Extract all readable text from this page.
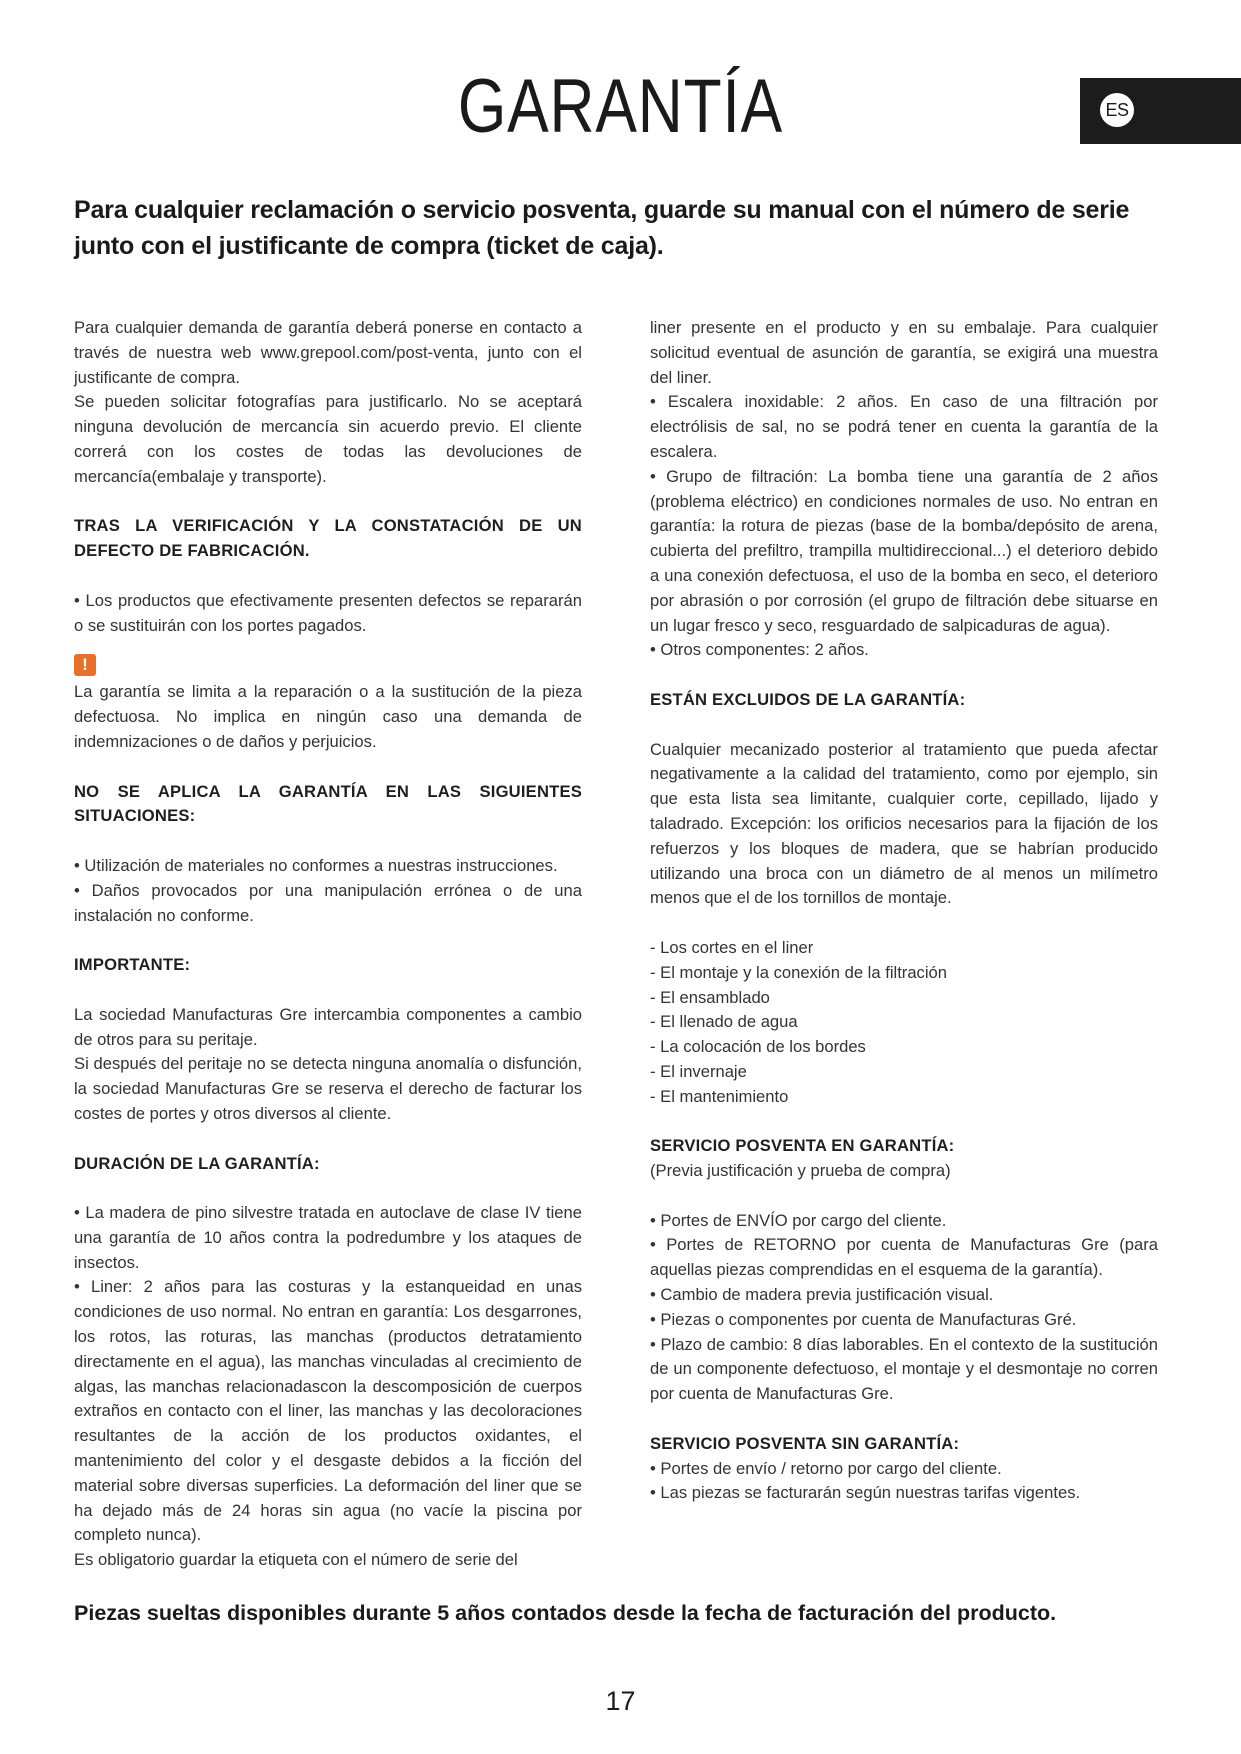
GARANTÍA	ES
Para cualquier reclamación o servicio posventa, guarde su manual con el número de serie junto con el justificante de compra (ticket de caja).

Para cualquier demanda de garantía deberá ponerse en contacto a través de nuestra web www.grepool.com/post-venta, junto con el justificante de compra.

Se pueden solicitar fotografías para justificarlo. No se aceptará ninguna devolución de mercancía sin acuerdo previo. El cliente correrá con los costes de todas las devoluciones de mercancía(embalaje y transporte).

TRAS LA VERIFICACIÓN Y LA CONSTATACIÓN DE UN DEFECTO DE FABRICACIÓN.

• Los productos que efectivamente presenten defectos se repararán o se sustituirán con los portes pagados.

!

La garantía se limita a la reparación o a la sustitución de la pieza defectuosa. No implica en ningún caso una demanda de indemnizaciones o de daños y perjuicios.

NO SE APLICA LA GARANTÍA EN LAS SIGUIENTES SITUACIONES:

• Utilización de materiales no conformes a nuestras instrucciones.

• Daños provocados por una manipulación errónea o de una instalación no conforme.

IMPORTANTE:

La sociedad Manufacturas Gre intercambia componentes a cambio de otros para su peritaje.

Si después del peritaje no se detecta ninguna anomalía o disfunción, la sociedad Manufacturas Gre se reserva el derecho de facturar los costes de portes y otros diversos al cliente.

DURACIÓN DE LA GARANTÍA:

• La madera de pino silvestre tratada en autoclave de clase IV tiene una garantía de 10 años contra la podredumbre y los ataques de insectos.

• Liner: 2 años para las costuras y la estanqueidad en unas condiciones de uso normal. No entran en garantía: Los desgarrones, los rotos, las roturas, las manchas (productos detratamiento directamente en el agua), las manchas vinculadas al crecimiento de algas, las manchas relacionadascon la descomposición de cuerpos extraños en contacto con el liner, las manchas y las decoloraciones resultantes de la acción de los productos oxidantes, el mantenimiento del color y el desgaste debidos a la ficción del material sobre diversas superficies. La deformación del liner que se ha dejado más de 24 horas sin agua (no vacíe la piscina por completo nunca).

Es obligatorio guardar la etiqueta con el número de serie del

liner presente en el producto y en su embalaje. Para cualquier solicitud eventual de asunción de garantía, se exigirá una muestra del liner.

• Escalera inoxidable: 2 años. En caso de una filtración por electrólisis de sal, no se podrá tener en cuenta la garantía de la escalera.

• Grupo de filtración: La bomba tiene una garantía de 2 años (problema eléctrico) en condiciones normales de uso. No entran en garantía: la rotura de piezas (base de la bomba/depósito de arena, cubierta del prefiltro, trampilla multidireccional...) el deterioro debido a una conexión defectuosa, el uso de la bomba en seco, el deterioro por abrasión o por corrosión (el grupo de filtración debe situarse en un lugar fresco y seco, resguardado de salpicaduras de agua).

• Otros componentes: 2 años.

ESTÁN EXCLUIDOS DE LA GARANTÍA:

Cualquier mecanizado posterior al tratamiento que pueda afectar negativamente a la calidad del tratamiento, como por ejemplo, sin que esta lista sea limitante, cualquier corte, cepillado, lijado y taladrado. Excepción: los orificios necesarios para la fijación de los refuerzos y los bloques de madera, que se habrían producido utilizando una broca con un diámetro de al menos un milímetro menos que el de los tornillos de montaje.

- Los cortes en el liner

- El montaje y la conexión de la filtración

- El ensamblado

- El llenado de agua

- La colocación de los bordes

- El invernaje

- El mantenimiento

SERVICIO POSVENTA EN GARANTÍA:

(Previa justificación y prueba de compra)

• Portes de ENVÍO por cargo del cliente.

• Portes de RETORNO por cuenta de Manufacturas Gre (para aquellas piezas comprendidas en el esquema de la garantía).

• Cambio de madera previa justificación visual.

• Piezas o componentes por cuenta de Manufacturas Gré.

• Plazo de cambio: 8 días laborables. En el contexto de la sustitución de un componente defectuoso, el montaje y el desmontaje no corren por cuenta de Manufacturas Gre.

SERVICIO POSVENTA SIN GARANTÍA:

• Portes de envío / retorno por cargo del cliente.

• Las piezas se facturarán según nuestras tarifas vigentes.

Piezas sueltas disponibles durante 5 años contados desde la fecha de facturación del producto.
17
